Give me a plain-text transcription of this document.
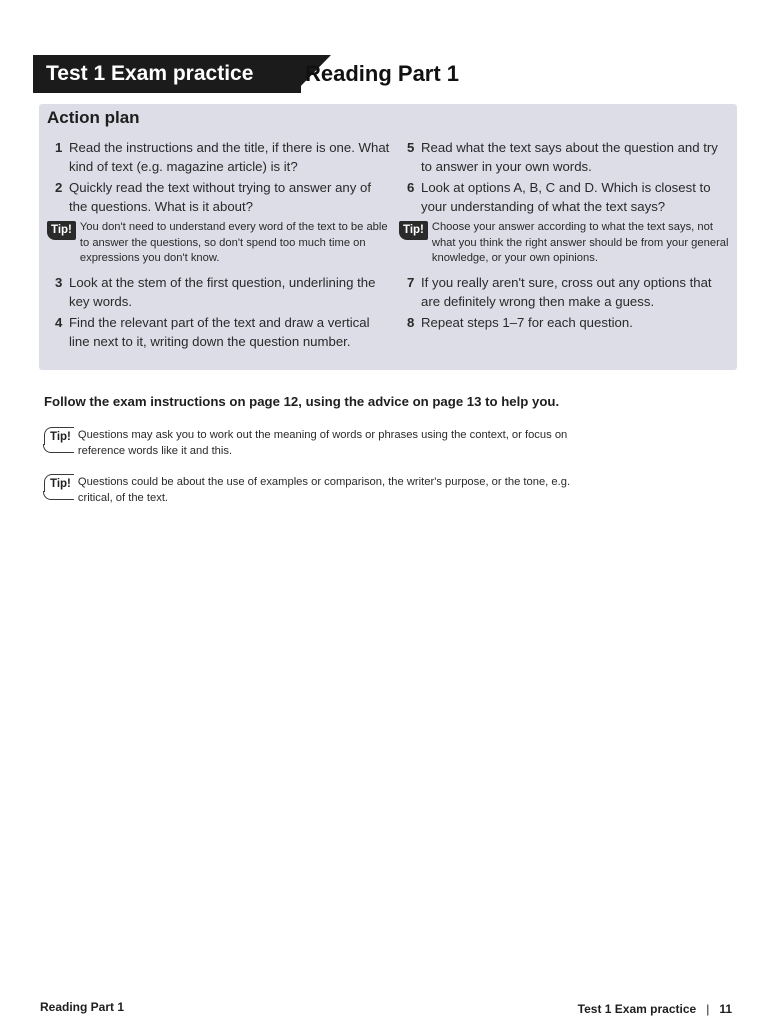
Test 1 Exam practice	Reading Part 1
Action plan
1 Read the instructions and the title, if there is one. What kind of text (e.g. magazine article) is it?
2 Quickly read the text without trying to answer any of the questions. What is it about?
Tip! You don't need to understand every word of the text to be able to answer the questions, so don't spend too much time on expressions you don't know.
3 Look at the stem of the first question, underlining the key words.
4 Find the relevant part of the text and draw a vertical line next to it, writing down the question number.
5 Read what the text says about the question and try to answer in your own words.
6 Look at options A, B, C and D. Which is closest to your understanding of what the text says?
Tip! Choose your answer according to what the text says, not what you think the right answer should be from your general knowledge, or your own opinions.
7 If you really aren't sure, cross out any options that are definitely wrong then make a guess.
8 Repeat steps 1–7 for each question.
Follow the exam instructions on page 12, using the advice on page 13 to help you.
Tip! Questions may ask you to work out the meaning of words or phrases using the context, or focus on reference words like it and this.
Tip! Questions could be about the use of examples or comparison, the writer's purpose, or the tone, e.g. critical, of the text.
Reading Part 1	Test 1 Exam practice | 11
